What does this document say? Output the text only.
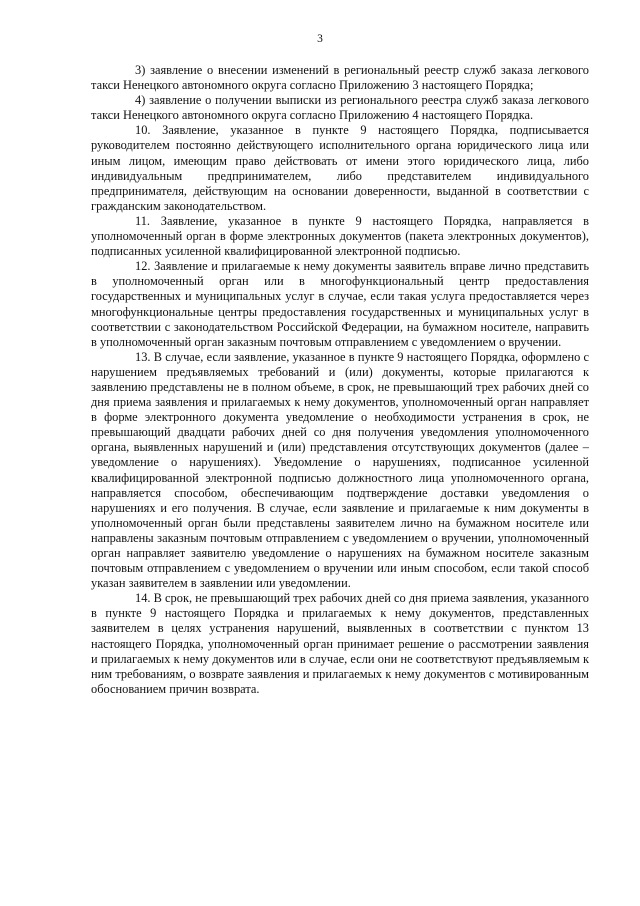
3

3) заявление о внесении изменений в региональный реестр служб заказа легкового такси Ненецкого автономного округа согласно Приложению 3 настоящего Порядка;

4) заявление о получении выписки из регионального реестра служб заказа легкового такси Ненецкого автономного округа согласно Приложению 4 настоящего Порядка.

10. Заявление, указанное в пункте 9 настоящего Порядка, подписывается руководителем постоянно действующего исполнительного органа юридического лица или иным лицом, имеющим право действовать от имени этого юридического лица, либо индивидуальным предпринимателем, либо представителем индивидуального предпринимателя, действующим на основании доверенности, выданной в соответствии с гражданским законодательством.

11. Заявление, указанное в пункте 9 настоящего Порядка, направляется в уполномоченный орган в форме электронных документов (пакета электронных документов), подписанных усиленной квалифицированной электронной подписью.

12. Заявление и прилагаемые к нему документы заявитель вправе лично представить в уполномоченный орган или в многофункциональный центр предоставления государственных и муниципальных услуг в случае, если такая услуга предоставляется через многофункциональные центры предоставления государственных и муниципальных услуг в соответствии с законодательством Российской Федерации, на бумажном носителе, направить в уполномоченный орган заказным почтовым отправлением с уведомлением о вручении.

13. В случае, если заявление, указанное в пункте 9 настоящего Порядка, оформлено с нарушением предъявляемых требований и (или) документы, которые прилагаются к заявлению представлены не в полном объеме, в срок, не превышающий трех рабочих дней со дня приема заявления и прилагаемых к нему документов, уполномоченный орган направляет в форме электронного документа уведомление о необходимости устранения в срок, не превышающий двадцати рабочих дней со дня получения уведомления уполномоченного органа, выявленных нарушений и (или) представления отсутствующих документов (далее – уведомление о нарушениях). Уведомление о нарушениях, подписанное усиленной квалифицированной электронной подписью должностного лица уполномоченного органа, направляется способом, обеспечивающим подтверждение доставки уведомления о нарушениях и его получения. В случае, если заявление и прилагаемые к ним документы в уполномоченный орган были представлены заявителем лично на бумажном носителе или направлены заказным почтовым отправлением с уведомлением о вручении, уполномоченный орган направляет заявителю уведомление о нарушениях на бумажном носителе заказным почтовым отправлением с уведомлением о вручении или иным способом, если такой способ указан заявителем в заявлении или уведомлении.

14. В срок, не превышающий трех рабочих дней со дня приема заявления, указанного в пункте 9 настоящего Порядка и прилагаемых к нему документов, представленных заявителем в целях устранения нарушений, выявленных в соответствии с пунктом 13 настоящего Порядка, уполномоченный орган принимает решение о рассмотрении заявления и прилагаемых к нему документов или в случае, если они не соответствуют предъявляемым к ним требованиям, о возврате заявления и прилагаемых к нему документов с мотивированным обоснованием причин возврата.
